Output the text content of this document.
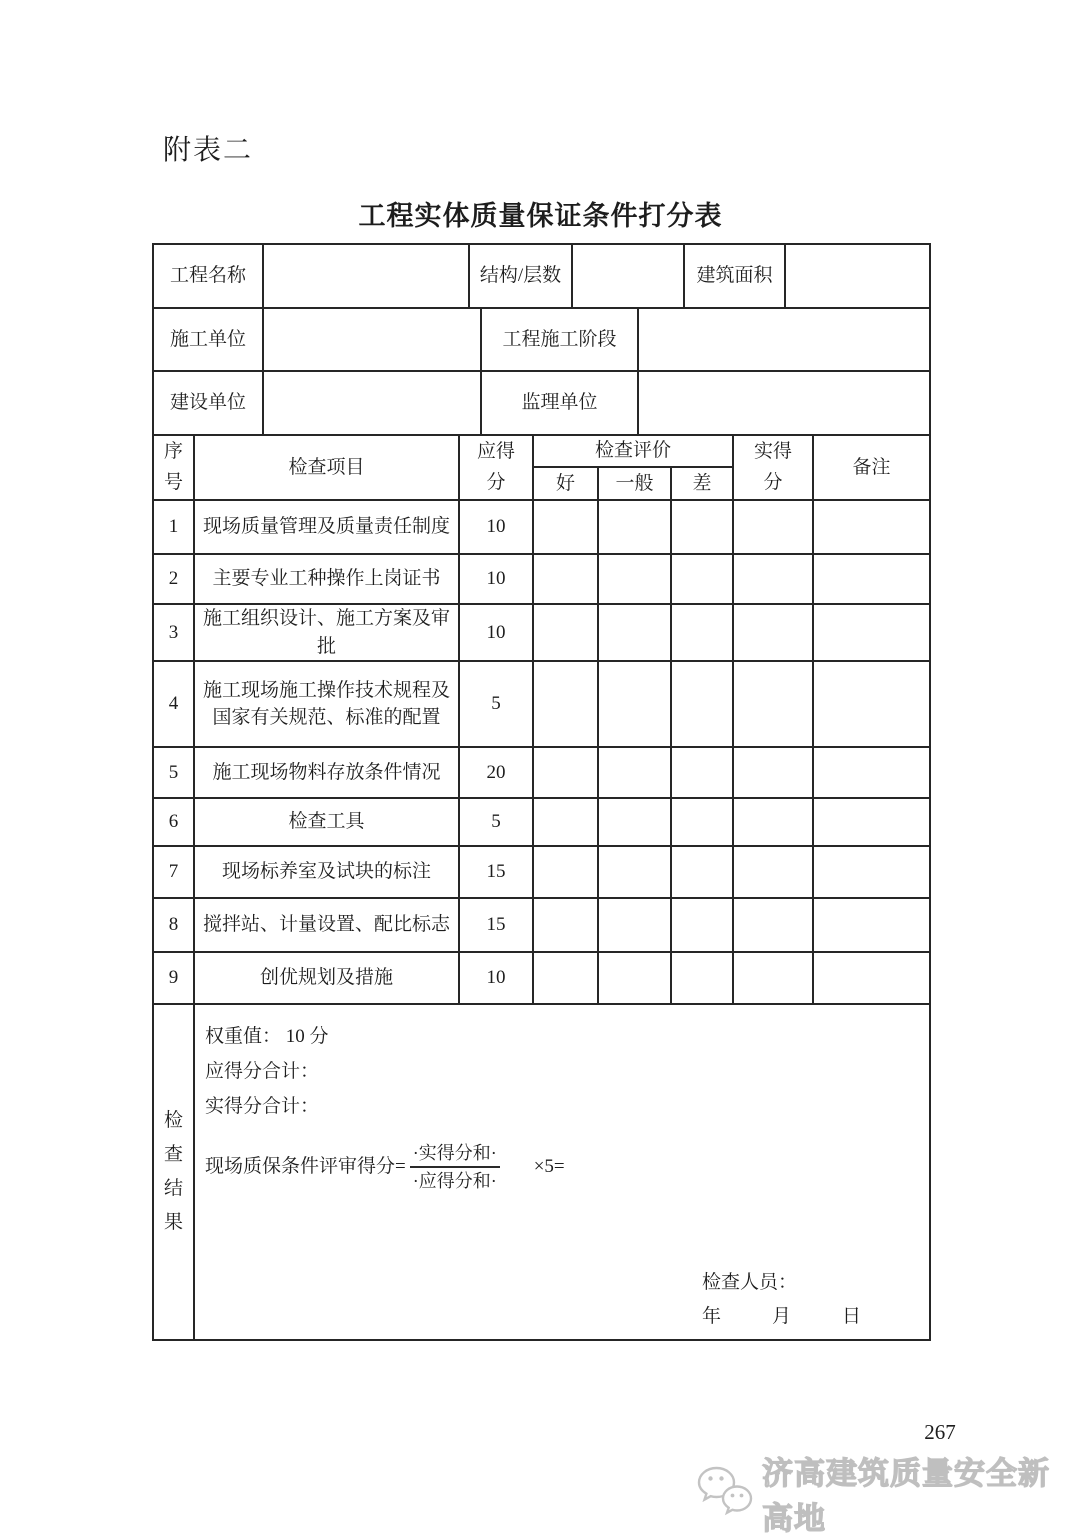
附表二
工程实体质量保证条件打分表
工程名称		结构/层数		建筑面积	
施工单位		工程施工阶段	
建设单位		监理单位	
序号	检查项目	应得分	检查评价			实得分	备注
			好	一般	差		
1	现场质量管理及质量责任制度	10					
2	主要专业工种操作上岗证书	10					
3	施工组织设计、施工方案及审批	10					
4	施工现场施工操作技术规程及国家有关规范、标准的配置	5					
5	施工现场物料存放条件情况	20					
6	检查工具	5					
7	现场标养室及试块的标注	15					
8	搅拌站、计量设置、配比标志	15					
9	创优规划及措施	10					
检查结果	
权重值： 10 分
应得分合计：
实得分合计：
现场质保条件评审得分= $\frac{\text{·实得分和·}}{\text{·应得分和·}} \times 5=$
检查人员：
年　月　日
267
济高建筑质量安全新高地
